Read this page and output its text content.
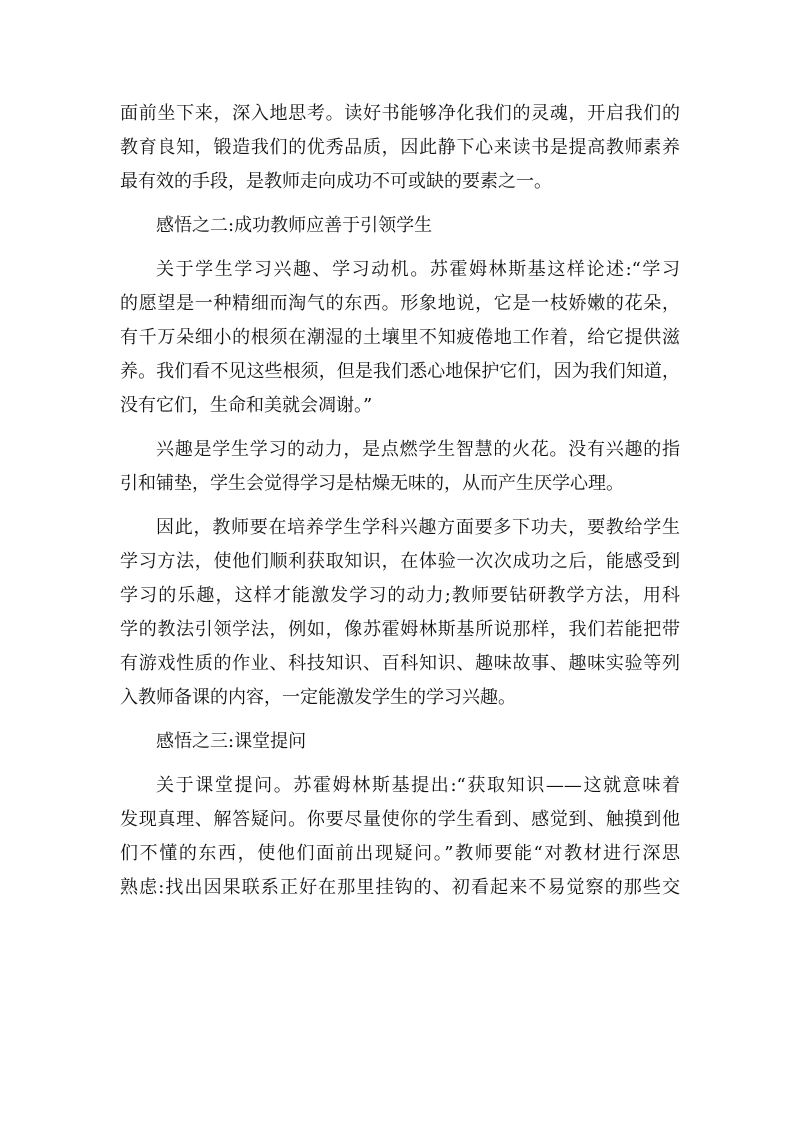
面前坐下来，深入地思考。读好书能够净化我们的灵魂，开启我们的
教育良知，锻造我们的优秀品质，因此静下心来读书是提高教师素养
最有效的手段，是教师走向成功不可或缺的要素之一。
感悟之二:成功教师应善于引领学生
关于学生学习兴趣、学习动机。苏霍姆林斯基这样论述:“学习
的愿望是一种精细而淘气的东西。形象地说，它是一枝娇嫩的花朵，
有千万朵细小的根须在潮湿的土壤里不知疲倦地工作着，给它提供滋
养。我们看不见这些根须，但是我们悉心地保护它们，因为我们知道，
没有它们，生命和美就会凋谢。”
兴趣是学生学习的动力，是点燃学生智慧的火花。没有兴趣的指
引和铺垫，学生会觉得学习是枯燥无味的，从而产生厌学心理。
因此，教师要在培养学生学科兴趣方面要多下功夫，要教给学生
学习方法，使他们顺利获取知识，在体验一次次成功之后，能感受到
学习的乐趣，这样才能激发学习的动力;教师要钻研教学方法，用科
学的教法引领学法，例如，像苏霍姆林斯基所说那样，我们若能把带
有游戏性质的作业、科技知识、百科知识、趣味故事、趣味实验等列
入教师备课的内容，一定能激发学生的学习兴趣。
感悟之三:课堂提问
关于课堂提问。苏霍姆林斯基提出:“获取知识——这就意味着
发现真理、解答疑问。你要尽量使你的学生看到、感觉到、触摸到他
们不懂的东西，使他们面前出现疑问。”教师要能“对教材进行深思
熟虑:找出因果联系正好在那里挂钩的、初看起来不易觉察的那些交
